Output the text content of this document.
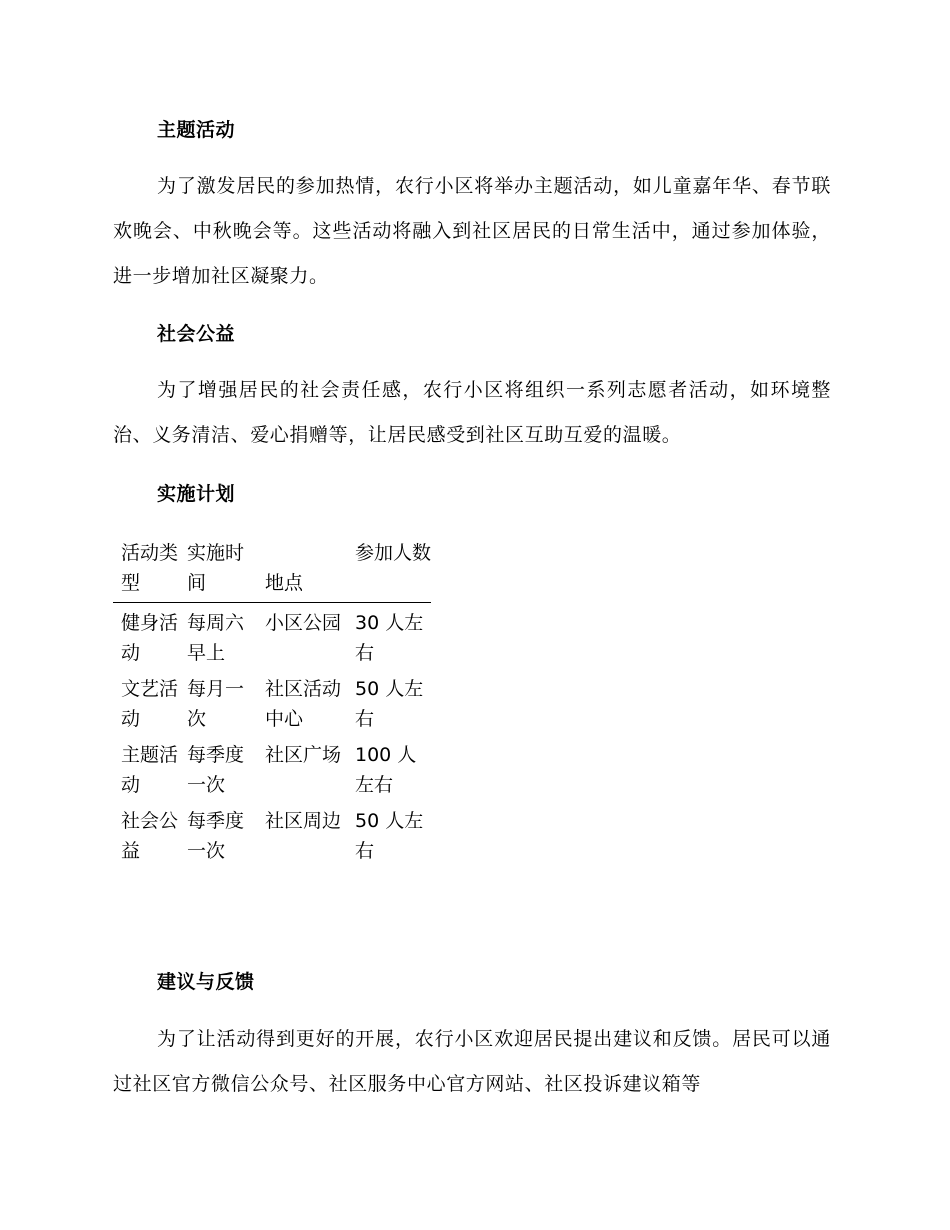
主题活动
为了激发居民的参加热情，农行小区将举办主题活动，如儿童嘉年华、春节联欢晚会、中秋晚会等。这些活动将融入到社区居民的日常生活中，通过参加体验，进一步增加社区凝聚力。
社会公益
为了增强居民的社会责任感，农行小区将组织一系列志愿者活动，如环境整治、义务清洁、爱心捐赠等，让居民感受到社区互助互爱的温暖。
实施计划
活动类型
实施时间	地点
参加人数
健身活动
每周六早上
小区公园 30 人左右
文艺活动
每月一次
社区活动中心
50 人左右
主题活动
每季度一次
社区广场 100 人左右
社会公益
每季度一次
社区周边 50 人左右
建议与反馈
为了让活动得到更好的开展，农行小区欢迎居民提出建议和反馈。居民可以通过社区官方微信公众号、社区服务中心官方网站、社区投诉建议箱等
